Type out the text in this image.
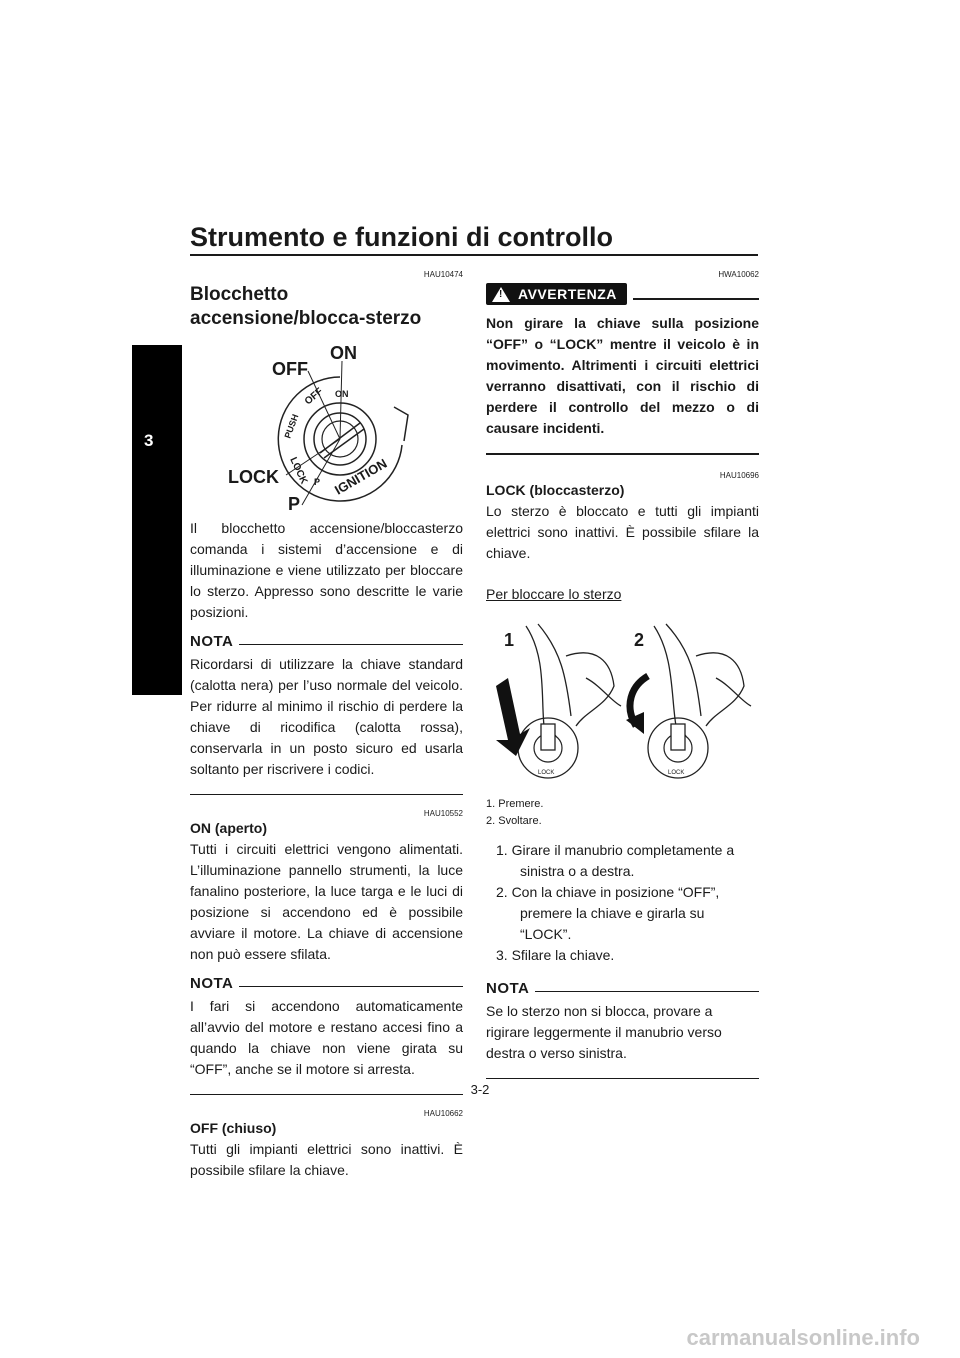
Strumento e funzioni di controllo
3

HAU10474

Blocchetto accensione/blocca-sterzo
OFF
ON
LOCK
P
PUSH
OFF ON
LOCK P IGNITION

Il blocchetto accensione/bloccasterzo comanda i sistemi d’accensione e di illuminazione e viene utilizzato per bloccare lo sterzo. Appresso sono descritte le varie posizioni.

NOTA

Ricordarsi di utilizzare la chiave standard (calotta nera) per l’uso normale del veicolo. Per ridurre al minimo il rischio di perdere la chiave di ricodifica (calotta rossa), conservarla in un posto sicuro ed usarla soltanto per riscrivere i codici.

HAU10552

ON (aperto)

Tutti i circuiti elettrici vengono alimentati. L’illuminazione pannello strumenti, la luce fanalino posteriore, la luce targa e le luci di posizione si accendono ed è possibile avviare il motore. La chiave di accensione non può essere sfilata.

NOTA

I fari si accendono automaticamente all’avvio del motore e restano accesi fino a quando la chiave non viene girata su “OFF”, anche se il motore si arresta.

HAU10662

OFF (chiuso)

Tutti gli impianti elettrici sono inattivi. È possibile sfilare la chiave.

HWA10062

! AVVERTENZA

Non girare la chiave sulla posizione “OFF” o “LOCK” mentre il veicolo è in movimento. Altrimenti i circuiti elettrici verranno disattivati, con il rischio di perdere il controllo del mezzo o di causare incidenti.

HAU10696

LOCK (bloccasterzo)

Lo sterzo è bloccato e tutti gli impianti elettrici sono inattivi. È possibile sfilare la chiave.

Per bloccare lo sterzo

1	2
LOCK	LOCK

1. Premere.

2. Svoltare.

1. Girare il manubrio completamente a sinistra o a destra.

2. Con la chiave in posizione “OFF”, premere la chiave e girarla su “LOCK”.

3. Sfilare la chiave.

NOTA

Se lo sterzo non si blocca, provare a rigirare leggermente il manubrio verso destra o verso sinistra.

3-2
carmanualsonline.info
